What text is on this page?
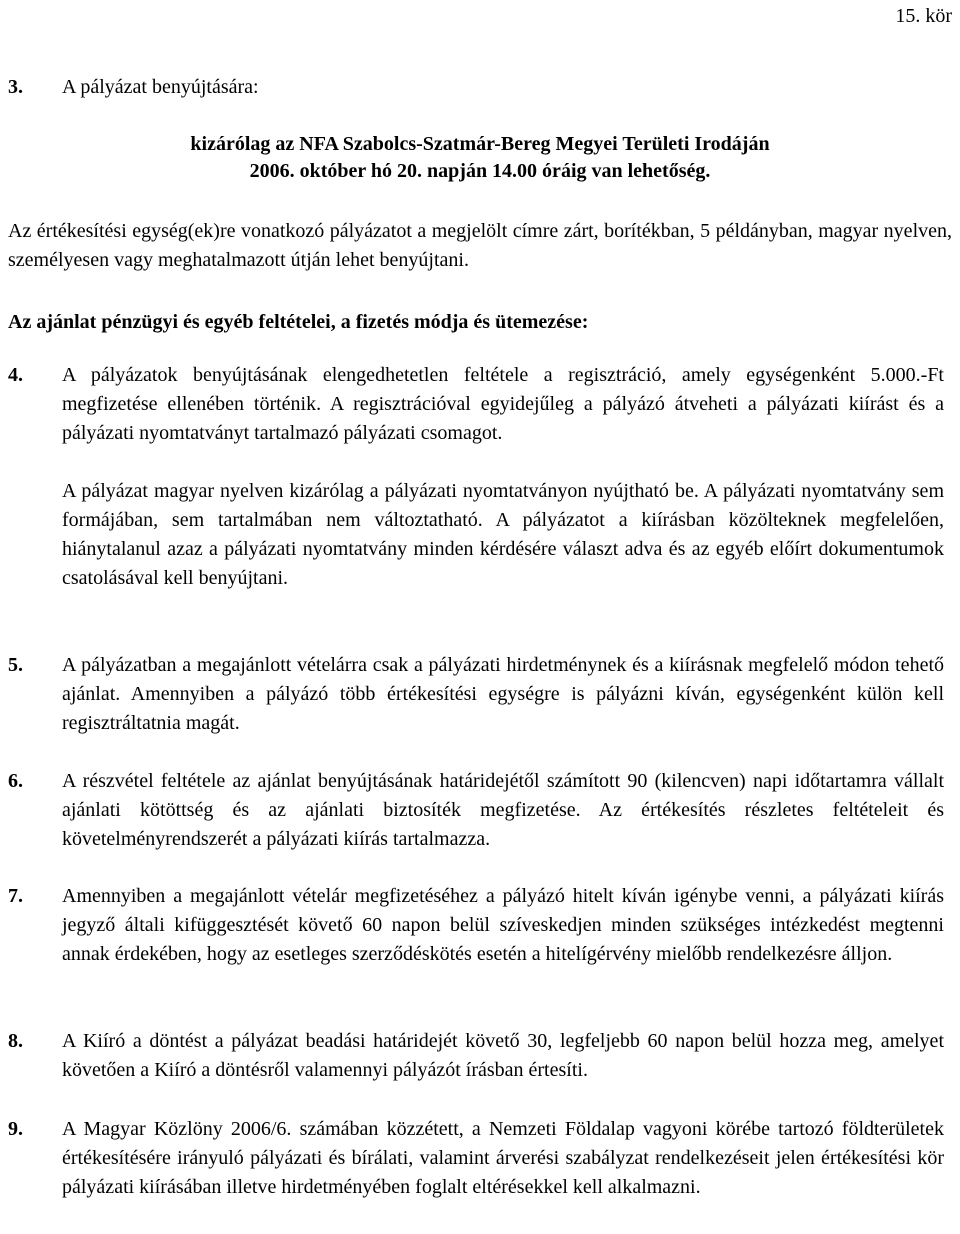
15. kör
3. A pályázat benyújtására:
kizárólag az NFA Szabolcs-Szatmár-Bereg Megyei Területi Irodáján
2006. október hó 20. napján 14.00 óráig van lehetőség.
Az értékesítési egység(ek)re vonatkozó pályázatot a megjelölt címre zárt, borítékban, 5 példányban, magyar nyelven, személyesen vagy meghatalmazott útján lehet benyújtani.
Az ajánlat pénzügyi és egyéb feltételei, a fizetés módja és ütemezése:
4. A pályázatok benyújtásának elengedhetetlen feltétele a regisztráció, amely egységenként 5.000.-Ft megfizetése ellenében történik. A regisztrációval egyidejűleg a pályázó átveheti a pályázati kiírást és a pályázati nyomtatványt tartalmazó pályázati csomagot.
A pályázat magyar nyelven kizárólag a pályázati nyomtatványon nyújtható be. A pályázati nyomtatvány sem formájában, sem tartalmában nem változtatható. A pályázatot a kiírásban közölteknek megfelelően, hiánytalanul azaz a pályázati nyomtatvány minden kérdésére választ adva és az egyéb előírt dokumentumok csatolásával kell benyújtani.
5. A pályázatban a megajánlott vételárra csak a pályázati hirdetménynek és a kiírásnak megfelelő módon tehető ajánlat. Amennyiben a pályázó több értékesítési egységre is pályázni kíván, egységenként külön kell regisztráltatnia magát.
6. A részvétel feltétele az ajánlat benyújtásának határidejétől számított 90 (kilencven) napi időtartamra vállalt ajánlati kötöttség és az ajánlati biztosíték megfizetése. Az értékesítés részletes feltételeit és követelményrendszerét a pályázati kiírás tartalmazza.
7. Amennyiben a megajánlott vételár megfizetéséhez a pályázó hitelt kíván igénybe venni, a pályázati kiírás jegyző általi kifüggesztését követő 60 napon belül szíveskedjen minden szükséges intézkedést megtenni annak érdekében, hogy az esetleges szerződéskötés esetén a hitelígérvény mielőbb rendelkezésre álljon.
8. A Kiíró a döntést a pályázat beadási határidejét követő 30, legfeljebb 60 napon belül hozza meg, amelyet követően a Kiíró a döntésről valamennyi pályázót írásban értesíti.
9. A Magyar Közlöny 2006/6. számában közzétett, a Nemzeti Földalap vagyoni körébe tartozó földterületek értékesítésére irányuló pályázati és bírálati, valamint árverési szabályzat rendelkezéseit jelen értékesítési kör pályázati kiírásában illetve hirdetményében foglalt eltérésekkel kell alkalmazni.
